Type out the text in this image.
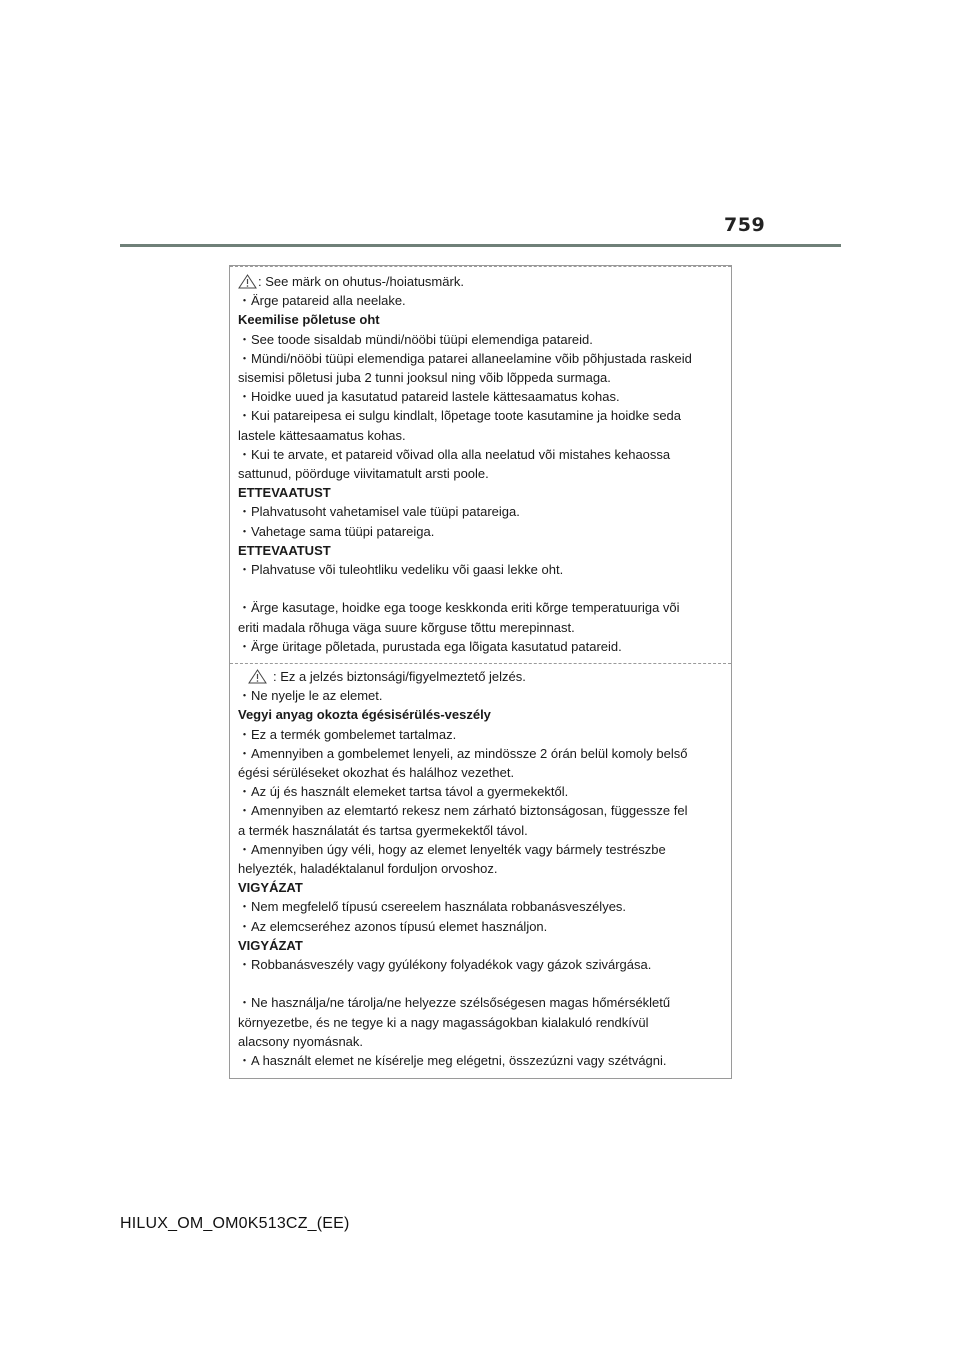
759
: See märk on ohutus-/hoiatusmärk.

・Ärge patareid alla neelake.

Keemilise põletuse oht

・See toode sisaldab mündi/nööbi tüüpi elemendiga patareid.

・Mündi/nööbi tüüpi elemendiga patarei allaneelamine võib põhjustada raskeid

sisemisi põletusi juba 2 tunni jooksul ning võib lõppeda surmaga.

・Hoidke uued ja kasutatud patareid lastele kättesaamatus kohas.

・Kui patareipesa ei sulgu kindlalt, lõpetage toote kasutamine ja hoidke seda

lastele kättesaamatus kohas.

・Kui te arvate, et patareid võivad olla alla neelatud või mistahes kehaossa

sattunud, pöörduge viivitamatult arsti poole.

ETTEVAATUST

・Plahvatusoht vahetamisel vale tüüpi patareiga.

・Vahetage sama tüüpi patareiga.

ETTEVAATUST

・Plahvatuse või tuleohtliku vedeliku või gaasi lekke oht.

・Ärge kasutage, hoidke ega tooge keskkonda eriti kõrge temperatuuriga või

eriti madala rõhuga väga suure kõrguse tõttu merepinnast.

・Ärge üritage põletada, purustada ega lõigata kasutatud patareid.

: Ez a jelzés biztonsági/figyelmeztető jelzés.

・Ne nyelje le az elemet.

Vegyi anyag okozta égésisérülés-veszély

・Ez a termék gombelemet tartalmaz.

・Amennyiben a gombelemet lenyeli, az mindössze 2 órán belül komoly belső

égési sérüléseket okozhat és halálhoz vezethet.

・Az új és használt elemeket tartsa távol a gyermekektől.

・Amennyiben az elemtartó rekesz nem zárható biztonságosan, függessze fel

a termék használatát és tartsa gyermekektől távol.

・Amennyiben úgy véli, hogy az elemet lenyelték vagy bármely testrészbe

helyezték, haladéktalanul forduljon orvoshoz.

VIGYÁZAT

・Nem megfelelő típusú csereelem használata robbanásveszélyes.

・Az elemcseréhez azonos típusú elemet használjon.

VIGYÁZAT

・Robbanásveszély vagy gyúlékony folyadékok vagy gázok szivárgása.

・Ne használja/ne tárolja/ne helyezze szélsőségesen magas hőmérsékletű

környezetbe, és ne tegye ki a nagy magasságokban kialakuló rendkívül

alacsony nyomásnak.

・A használt elemet ne kísérelje meg elégetni, összezúzni vagy szétvágni.

HILUX_OM_OM0K513CZ_(EE)
